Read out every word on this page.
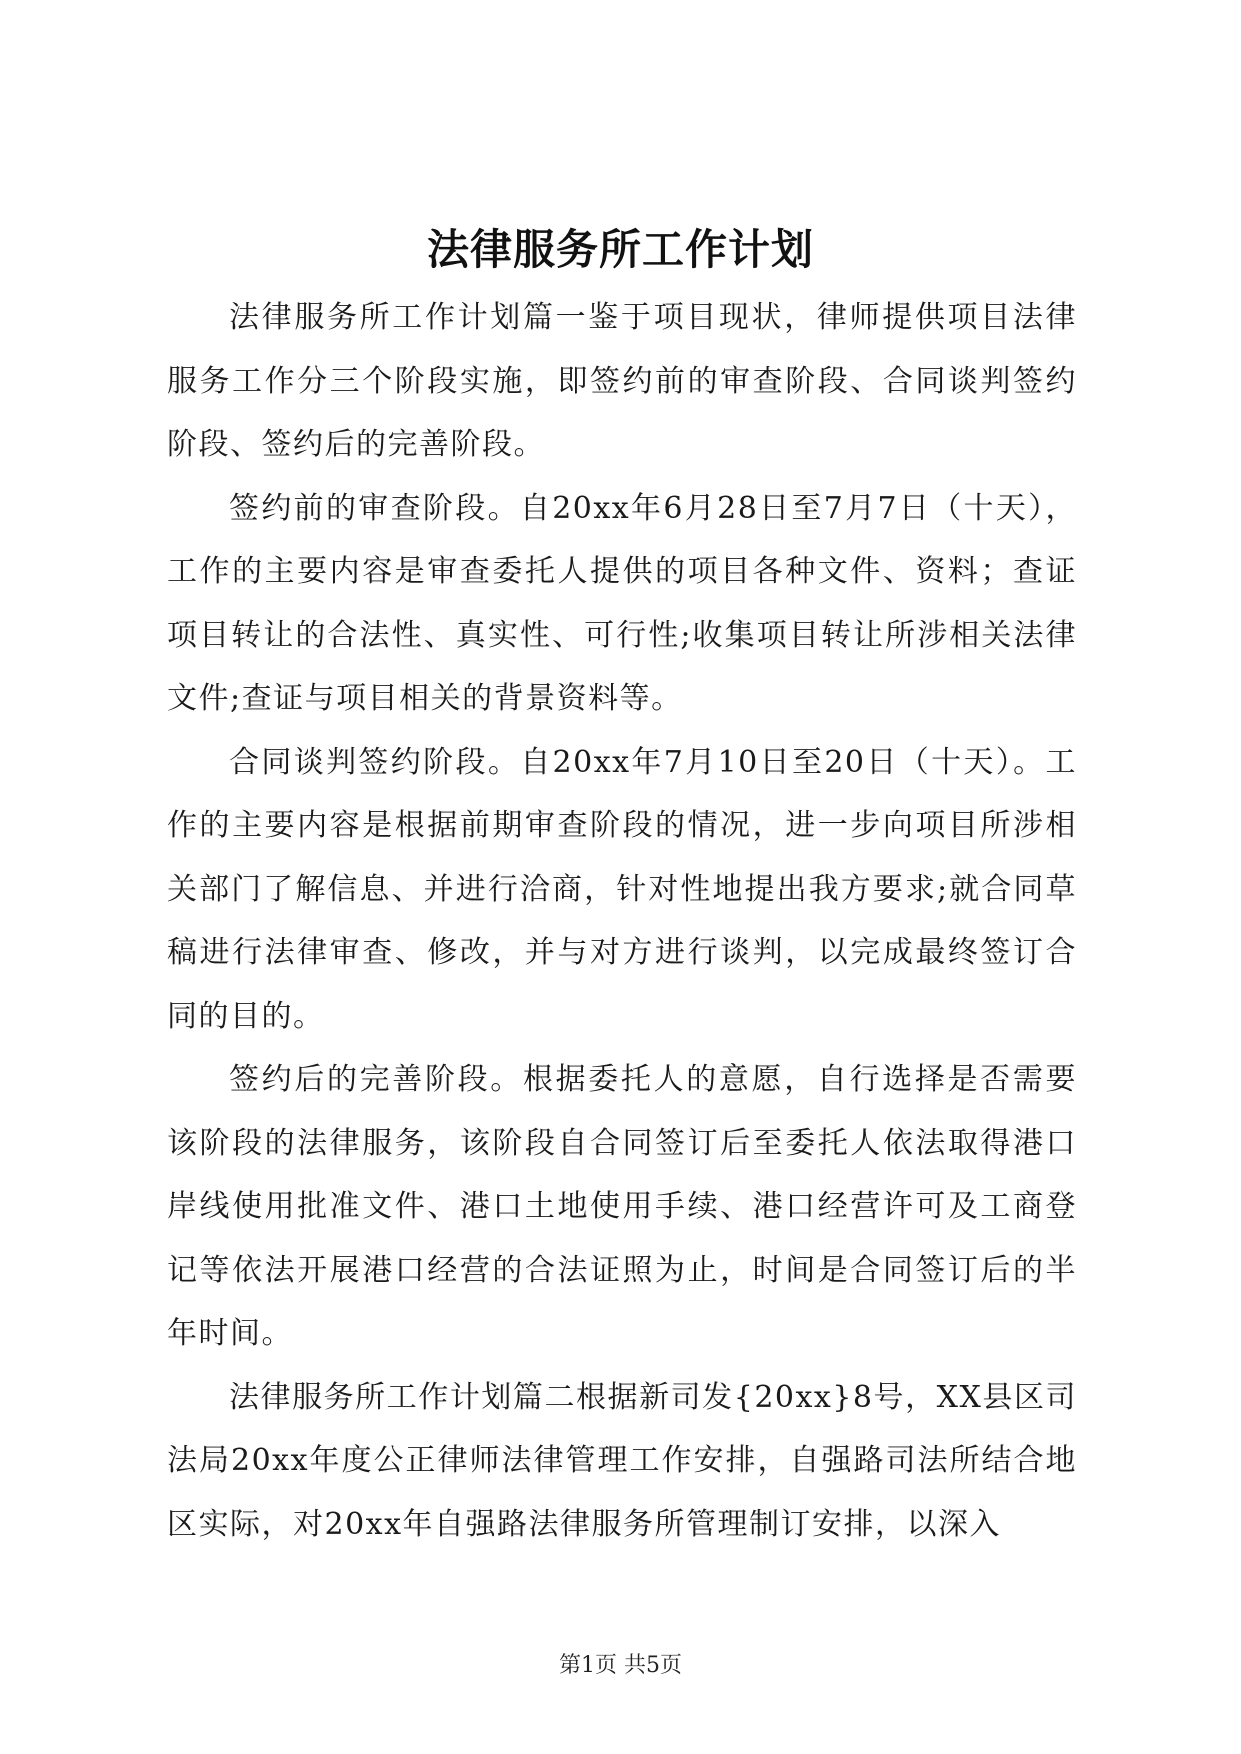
法律服务所工作计划

法律服务所工作计划篇一鉴于项目现状，律师提供项目法律服务工作分三个阶段实施，即签约前的审查阶段、合同谈判签约阶段、签约后的完善阶段。

签约前的审查阶段。自20xx年6月28日至7月7日（十天），工作的主要内容是审查委托人提供的项目各种文件、资料；查证项目转让的合法性、真实性、可行性;收集项目转让所涉相关法律文件;查证与项目相关的背景资料等。

合同谈判签约阶段。自20xx年7月10日至20日（十天）。工作的主要内容是根据前期审查阶段的情况，进一步向项目所涉相关部门了解信息、并进行洽商，针对性地提出我方要求;就合同草稿进行法律审查、修改，并与对方进行谈判，以完成最终签订合同的目的。

签约后的完善阶段。根据委托人的意愿，自行选择是否需要该阶段的法律服务，该阶段自合同签订后至委托人依法取得港口岸线使用批准文件、港口土地使用手续、港口经营许可及工商登记等依法开展港口经营的合法证照为止，时间是合同签订后的半年时间。

法律服务所工作计划篇二根据新司发{20xx}8号，XX县区司法局20xx年度公正律师法律管理工作安排，自强路司法所结合地区实际，对20xx年自强路法律服务所管理制订安排，以深入

第1页 共5页
